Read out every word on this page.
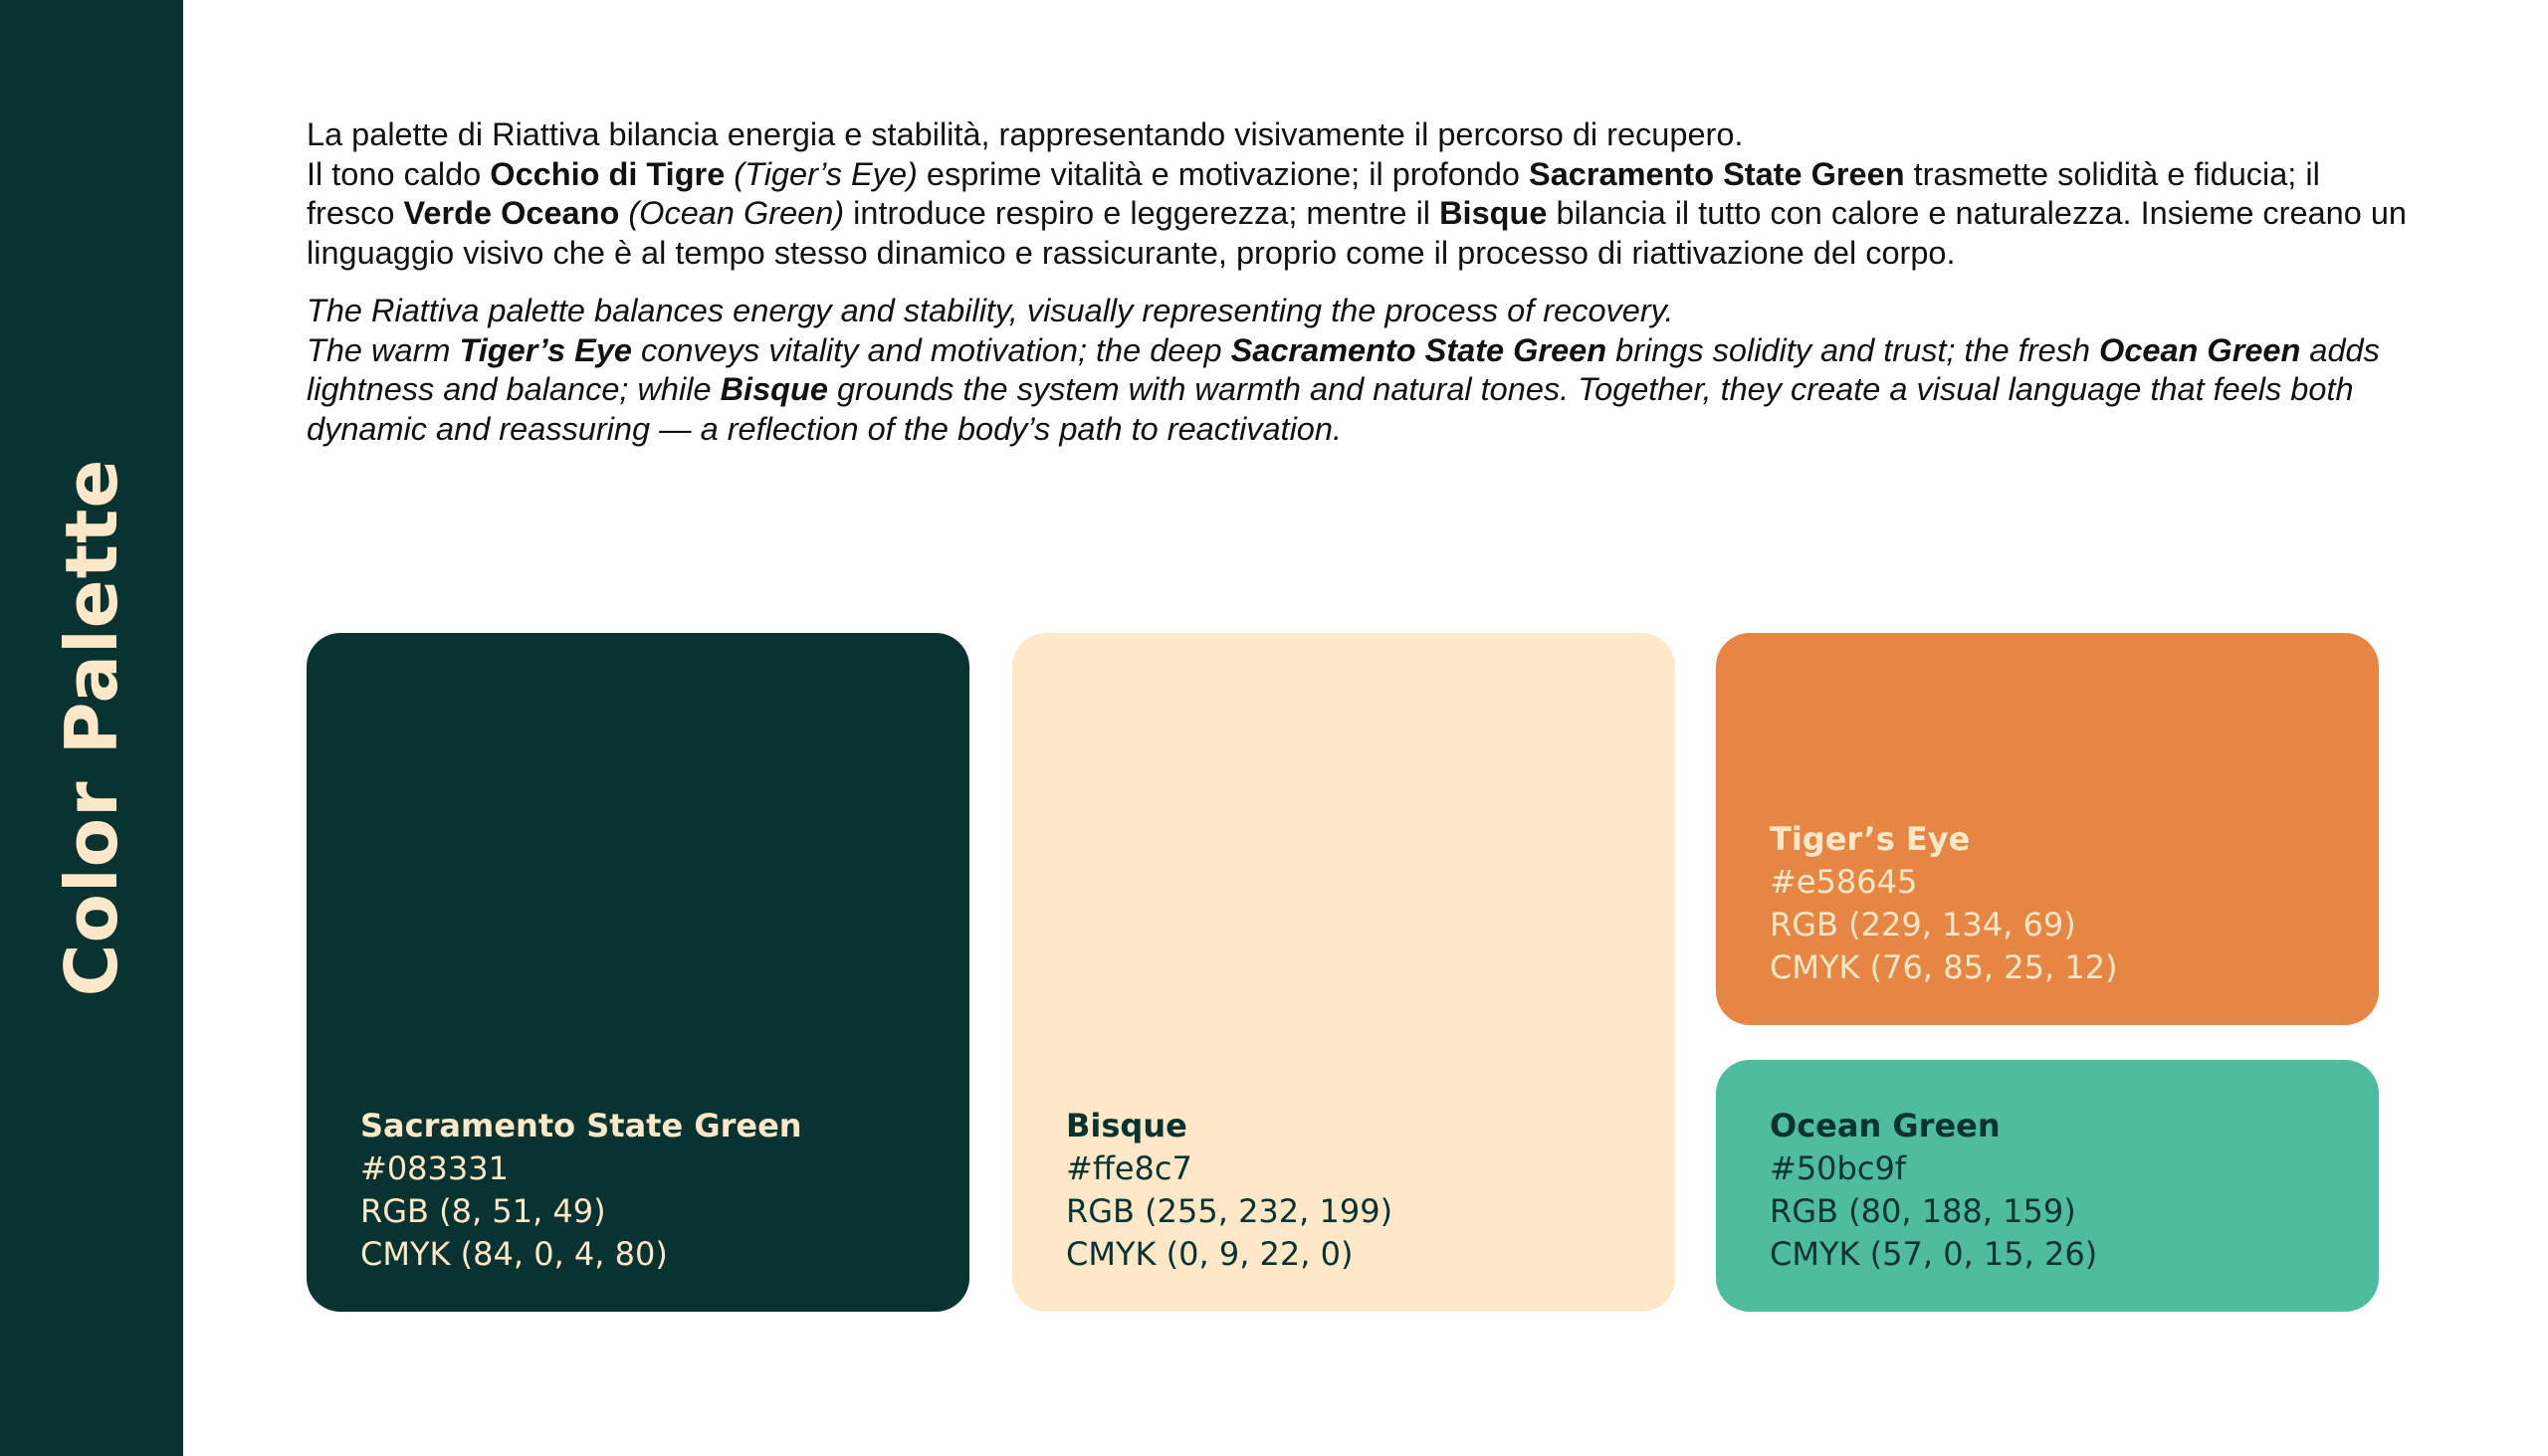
Color Palette

La palette di Riattiva bilancia energia e stabilità, rappresentando visivamente il percorso di recupero.
Il tono caldo Occhio di Tigre (Tiger’s Eye) esprime vitalità e motivazione; il profondo Sacramento State Green trasmette solidità e fiducia; il fresco Verde Oceano (Ocean Green) introduce respiro e leggerezza; mentre il Bisque bilancia il tutto con calore e naturalezza. Insieme creano un linguaggio visivo che è al tempo stesso dinamico e rassicurante, proprio come il processo di riattivazione del corpo.

The Riattiva palette balances energy and stability, visually representing the process of recovery.
The warm Tiger’s Eye conveys vitality and motivation; the deep Sacramento State Green brings solidity and trust; the fresh Ocean Green adds lightness and balance; while Bisque grounds the system with warmth and natural tones. Together, they create a visual language that feels both dynamic and reassuring — a reflection of the body’s path to reactivation.

Sacramento State Green
#083331
RGB (8, 51, 49)
CMYK (84, 0, 4, 80)
Bisque
#ffe8c7
RGB (255, 232, 199)
CMYK (0, 9, 22, 0)
Tiger’s Eye
#e58645
RGB (229, 134, 69)
CMYK (76, 85, 25, 12)
Ocean Green
#50bc9f
RGB (80, 188, 159)
CMYK (57, 0, 15, 26)
